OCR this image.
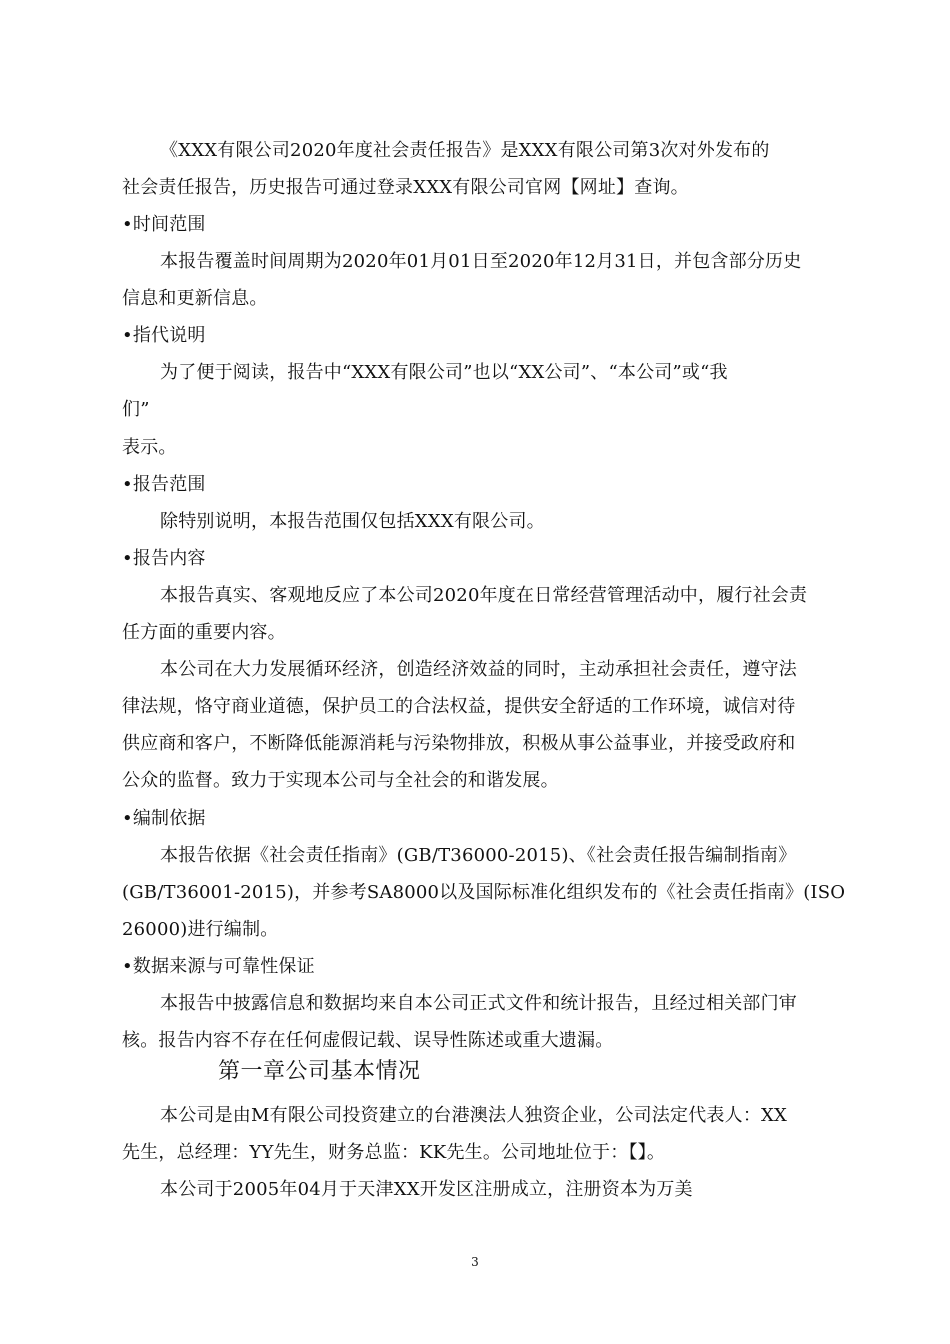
《XXX有限公司2020年度社会责任报告》是XXX有限公司第3次对外发布的
社会责任报告，历史报告可通过登录XXX有限公司官网【网址】查询。
•时间范围
本报告覆盖时间周期为2020年01月01日至2020年12月31日，并包含部分历史
信息和更新信息。
•指代说明
为了便于阅读，报告中“XXX有限公司”也以“XX公司”、“本公司”或“我
们”
表示。
•报告范围
除特别说明，本报告范围仅包括XXX有限公司。
•报告内容
本报告真实、客观地反应了本公司2020年度在日常经营管理活动中，履行社会责
任方面的重要内容。
本公司在大力发展循环经济，创造经济效益的同时，主动承担社会责任，遵守法
律法规，恪守商业道德，保护员工的合法权益，提供安全舒适的工作环境，诚信对待
供应商和客户，不断降低能源消耗与污染物排放，积极从事公益事业，并接受政府和
公众的监督。致力于实现本公司与全社会的和谐发展。
•编制依据
本报告依据《社会责任指南》(GB/T36000-2015)、《社会责任报告编制指南》
(GB/T36001-2015)，并参考SA8000以及国际标准化组织发布的《社会责任指南》(ISO
26000)进行编制。
•数据来源与可靠性保证
本报告中披露信息和数据均来自本公司正式文件和统计报告，且经过相关部门审
核。报告内容不存在任何虚假记载、误导性陈述或重大遗漏。
第一章公司基本情况
本公司是由M有限公司投资建立的台港澳法人独资企业，公司法定代表人：XX
先生，总经理：YY先生，财务总监：KK先生。公司地址位于：【】。
本公司于2005年04月于天津XX开发区注册成立，注册资本为万美
3
